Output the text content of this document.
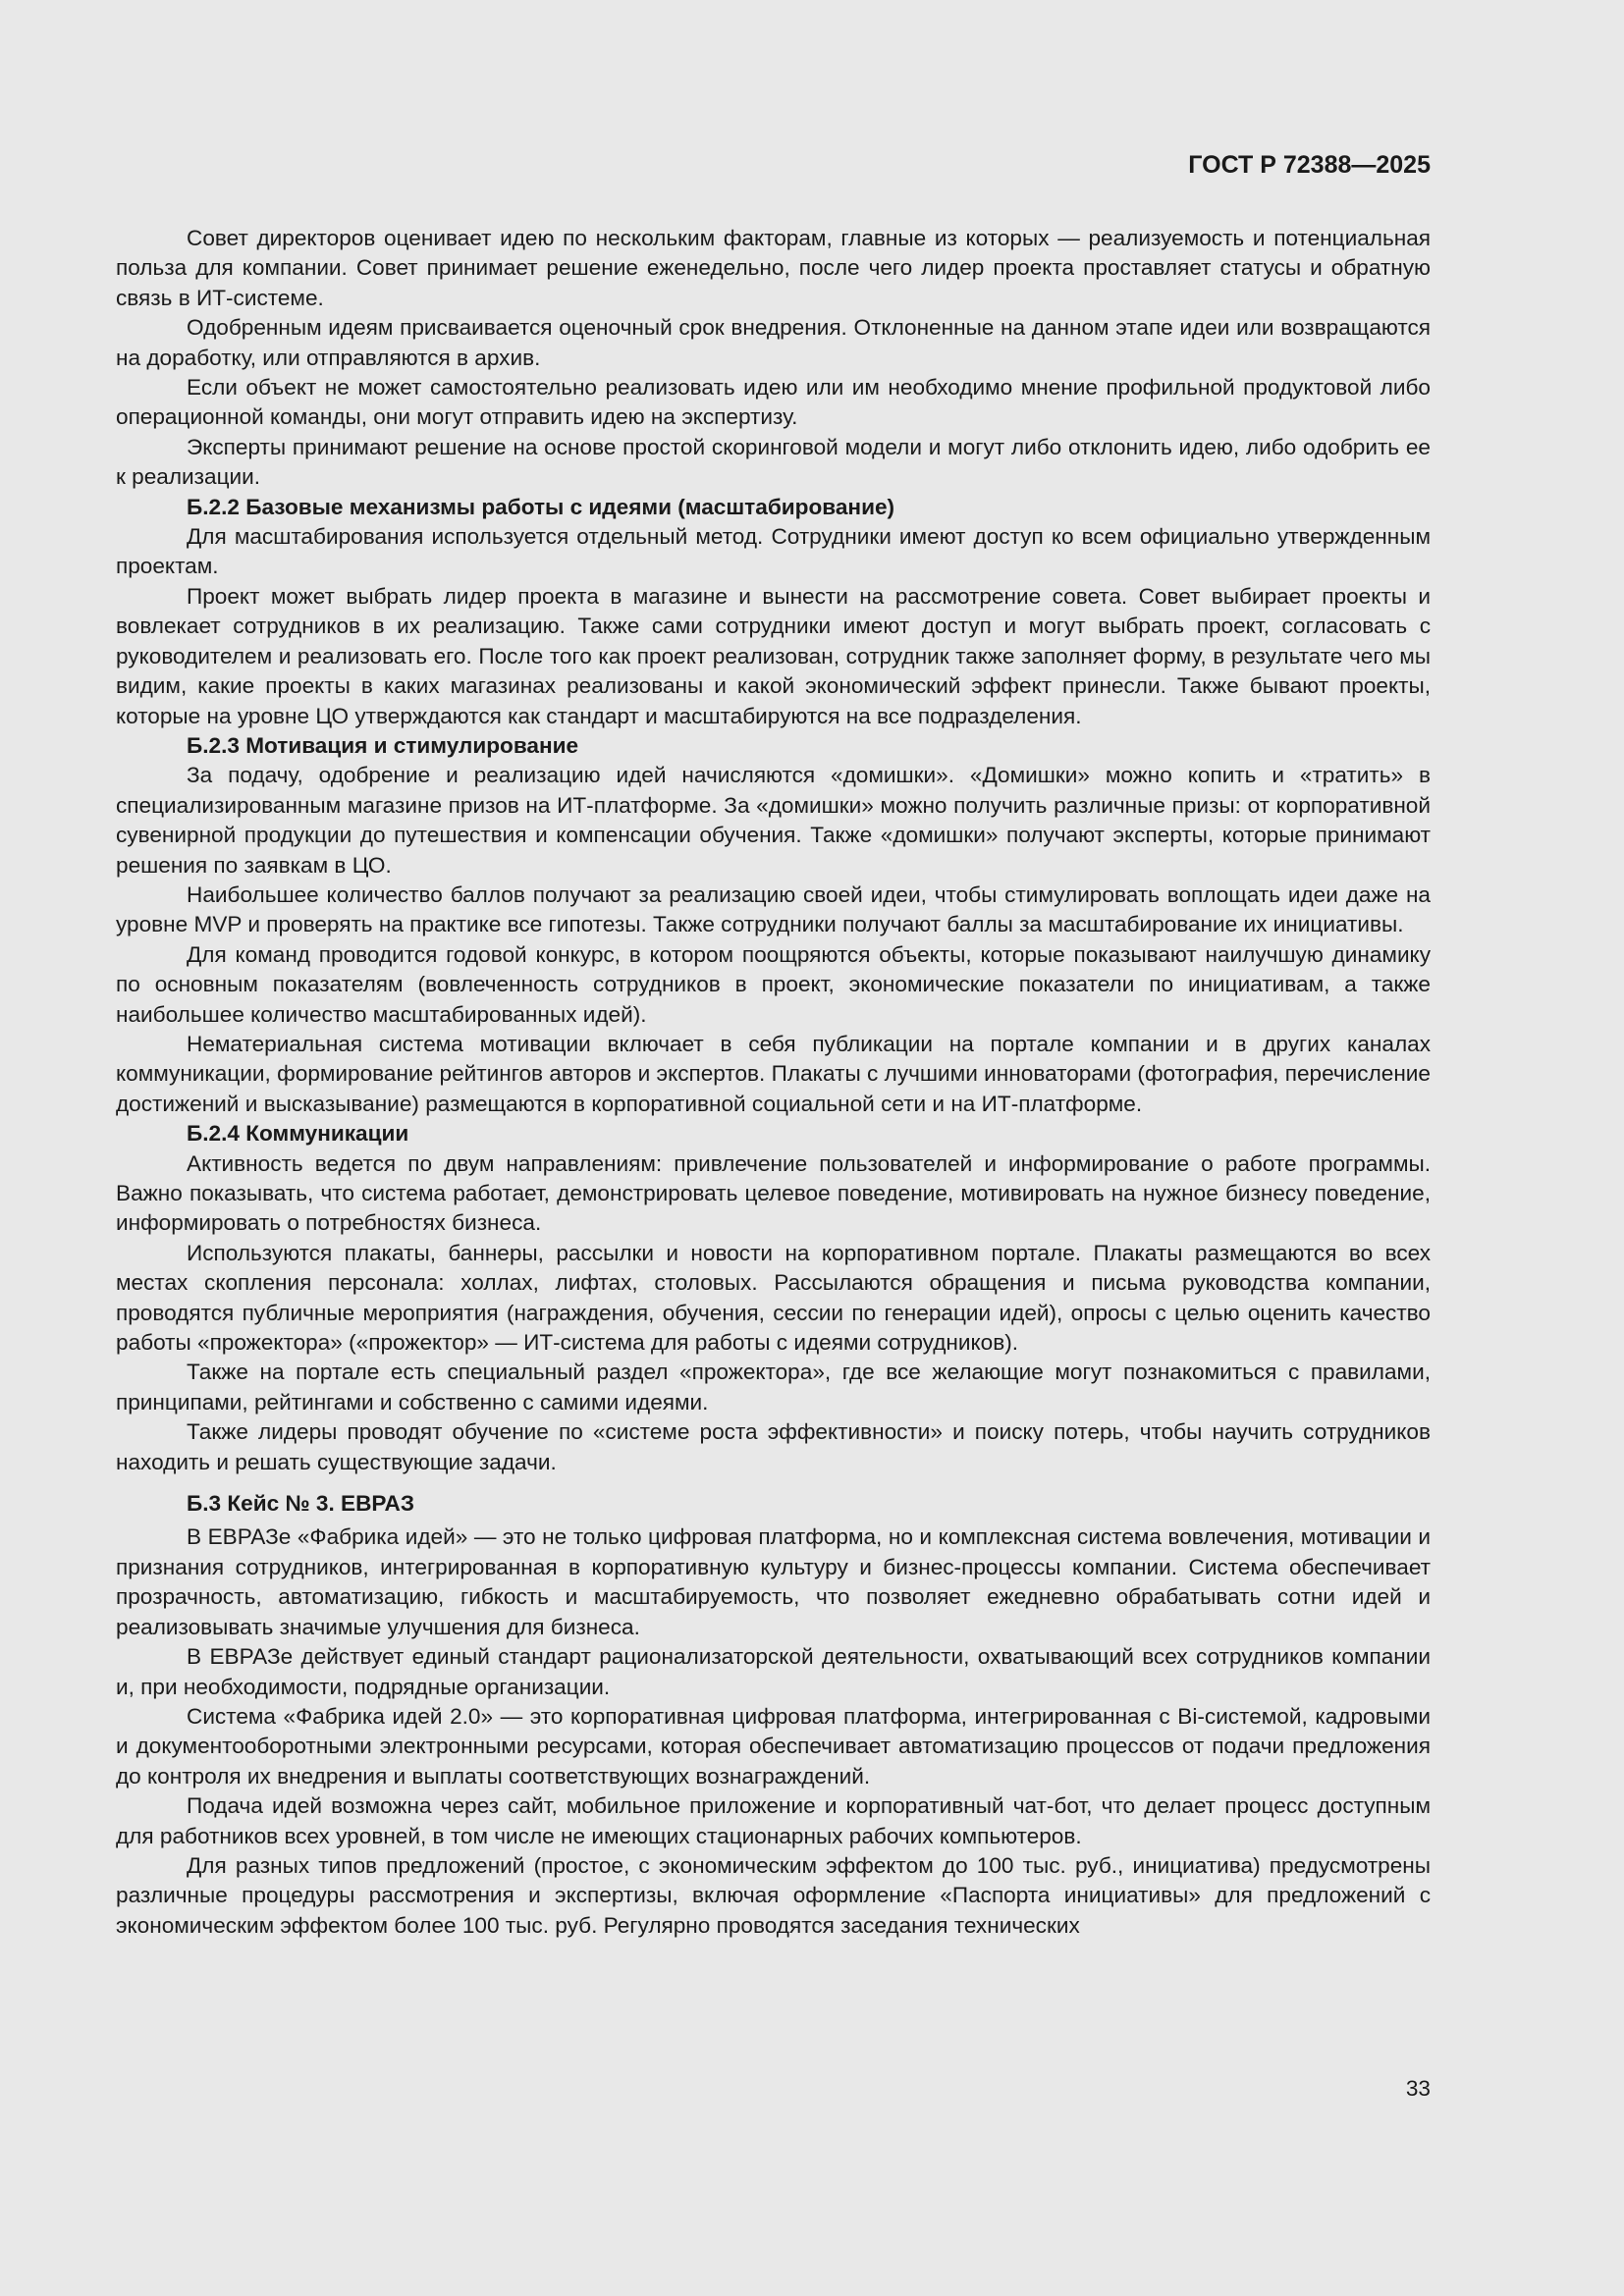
ГОСТ Р 72388—2025

Совет директоров оценивает идею по нескольким факторам, главные из которых — реализуемость и потенциальная польза для компании. Совет принимает решение еженедельно, после чего лидер проекта проставляет статусы и обратную связь в ИТ-системе.

Одобренным идеям присваивается оценочный срок внедрения. Отклоненные на данном этапе идеи или возвращаются на доработку, или отправляются в архив.

Если объект не может самостоятельно реализовать идею или им необходимо мнение профильной продуктовой либо операционной команды, они могут отправить идею на экспертизу.

Эксперты принимают решение на основе простой скоринговой модели и могут либо отклонить идею, либо одобрить ее к реализации.

Б.2.2 Базовые механизмы работы с идеями (масштабирование)

Для масштабирования используется отдельный метод. Сотрудники имеют доступ ко всем официально утвержденным проектам.

Проект может выбрать лидер проекта в магазине и вынести на рассмотрение совета. Совет выбирает проекты и вовлекает сотрудников в их реализацию. Также сами сотрудники имеют доступ и могут выбрать проект, согласовать с руководителем и реализовать его. После того как проект реализован, сотрудник также заполняет форму, в результате чего мы видим, какие проекты в каких магазинах реализованы и какой экономический эффект принесли. Также бывают проекты, которые на уровне ЦО утверждаются как стандарт и масштабируются на все подразделения.

Б.2.3 Мотивация и стимулирование

За подачу, одобрение и реализацию идей начисляются «домишки». «Домишки» можно копить и «тратить» в специализированным магазине призов на ИТ-платформе. За «домишки» можно получить различные призы: от корпоративной сувенирной продукции до путешествия и компенсации обучения. Также «домишки» получают эксперты, которые принимают решения по заявкам в ЦО.

Наибольшее количество баллов получают за реализацию своей идеи, чтобы стимулировать воплощать идеи даже на уровне MVP и проверять на практике все гипотезы. Также сотрудники получают баллы за масштабирование их инициативы.

Для команд проводится годовой конкурс, в котором поощряются объекты, которые показывают наилучшую динамику по основным показателям (вовлеченность сотрудников в проект, экономические показатели по инициативам, а также наибольшее количество масштабированных идей).

Нематериальная система мотивации включает в себя публикации на портале компании и в других каналах коммуникации, формирование рейтингов авторов и экспертов. Плакаты с лучшими инноваторами (фотография, перечисление достижений и высказывание) размещаются в корпоративной социальной сети и на ИТ-платформе.

Б.2.4 Коммуникации

Активность ведется по двум направлениям: привлечение пользователей и информирование о работе программы. Важно показывать, что система работает, демонстрировать целевое поведение, мотивировать на нужное бизнесу поведение, информировать о потребностях бизнеса.

Используются плакаты, баннеры, рассылки и новости на корпоративном портале. Плакаты размещаются во всех местах скопления персонала: холлах, лифтах, столовых. Рассылаются обращения и письма руководства компании, проводятся публичные мероприятия (награждения, обучения, сессии по генерации идей), опросы с целью оценить качество работы «прожектора» («прожектор» — ИТ-система для работы с идеями сотрудников).

Также на портале есть специальный раздел «прожектора», где все желающие могут познакомиться с правилами, принципами, рейтингами и собственно с самими идеями.

Также лидеры проводят обучение по «системе роста эффективности» и поиску потерь, чтобы научить сотрудников находить и решать существующие задачи.

Б.3 Кейс № 3. ЕВРАЗ

В ЕВРАЗе «Фабрика идей» — это не только цифровая платформа, но и комплексная система вовлечения, мотивации и признания сотрудников, интегрированная в корпоративную культуру и бизнес-процессы компании. Система обеспечивает прозрачность, автоматизацию, гибкость и масштабируемость, что позволяет ежедневно обрабатывать сотни идей и реализовывать значимые улучшения для бизнеса.

В ЕВРАЗе действует единый стандарт рационализаторской деятельности, охватывающий всех сотрудников компании и, при необходимости, подрядные организации.

Система «Фабрика идей 2.0» — это корпоративная цифровая платформа, интегрированная с Bi-системой, кадровыми и документооборотными электронными ресурсами, которая обеспечивает автоматизацию процессов от подачи предложения до контроля их внедрения и выплаты соответствующих вознаграждений.

Подача идей возможна через сайт, мобильное приложение и корпоративный чат-бот, что делает процесс доступным для работников всех уровней, в том числе не имеющих стационарных рабочих компьютеров.

Для разных типов предложений (простое, с экономическим эффектом до 100 тыс. руб., инициатива) предусмотрены различные процедуры рассмотрения и экспертизы, включая оформление «Паспорта инициативы» для предложений с экономическим эффектом более 100 тыс. руб. Регулярно проводятся заседания технических

33
